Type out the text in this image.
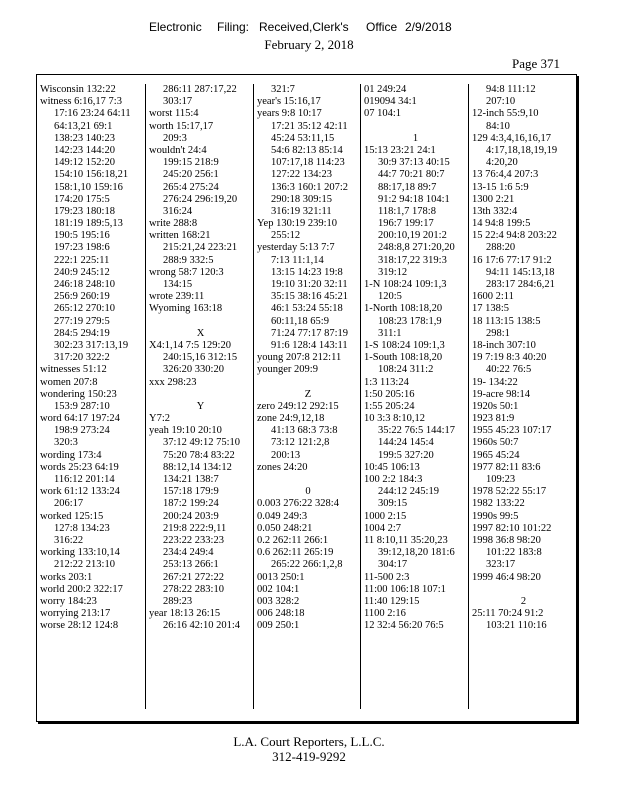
Electronic Filing: Received,Clerk's Office 2/9/2018
February 2, 2018
Page 371
Wisconsin 132:22
witness 6:16,17 7:3
17:16 23:24 64:11
64:13,21 69:1
138:23 140:23
142:23 144:20
149:12 152:20
154:10 156:18,21
158:1,10 159:16
174:20 175:5
179:23 180:18
181:19 189:5,13
190:5 195:16
197:23 198:6
222:1 225:11
240:9 245:12
246:18 248:10
256:9 260:19
265:12 270:10
277:19 279:5
284:5 294:19
302:23 317:13,19
317:20 322:2
witnesses 51:12
women 207:8
wondering 150:23
153:9 287:10
word 64:17 197:24
198:9 273:24
320:3
wording 173:4
words 25:23 64:19
116:12 201:14
work 61:12 133:24
206:17
worked 125:15
127:8 134:23
316:22
working 133:10,14
212:22 213:10
works 203:1
world 200:2 322:17
worry 184:23
worrying 213:17
worse 28:12 124:8
286:11 287:17,22
303:17
worst 115:4
worth 15:17,17
209:3
wouldn't 24:4
199:15 218:9
245:20 256:1
265:4 275:24
276:24 296:19,20
316:24
write 288:8
written 168:21
215:21,24 223:21
288:9 332:5
wrong 58:7 120:3
134:15
wrote 239:11
Wyoming 163:18
X
X4:1,14 7:5 129:20
240:15,16 312:15
326:20 330:20
xxx 298:23
Y
Y7:2
yeah 19:10 20:10
37:12 49:12 75:10
75:20 78:4 83:22
88:12,14 134:12
134:21 138:7
157:18 179:9
187:2 199:24
200:24 203:9
219:8 222:9,11
223:22 233:23
234:4 249:4
253:13 266:1
267:21 272:22
278:22 283:10
289:23
year 18:13 26:15
26:16 42:10 201:4
321:7
year's 15:16,17
years 9:8 10:17
17:21 35:12 42:11
45:24 53:11,15
54:6 82:13 85:14
107:17,18 114:23
127:22 134:23
136:3 160:1 207:2
290:18 309:15
316:19 321:11
Yep 130:19 239:10
255:12
yesterday 5:13 7:7
7:13 11:1,14
13:15 14:23 19:8
19:10 31:20 32:11
35:15 38:16 45:21
46:1 53:24 55:18
60:11,18 65:9
71:24 77:17 87:19
91:6 128:4 143:11
young 207:8 212:11
younger 209:9
Z
zero 249:12 292:15
zone 24:9,12,18
41:13 68:3 73:8
73:12 121:2,8
200:13
zones 24:20
0
0.003 276:22 328:4
0.049 249:3
0.050 248:21
0.2 262:11 266:1
0.6 262:11 265:19
265:22 266:1,2,8
0013 250:1
002 104:1
003 328:2
006 248:18
009 250:1
01 249:24
019094 34:1
07 104:1
1
15:13 23:21 24:1
30:9 37:13 40:15
44:7 70:21 80:7
88:17,18 89:7
91:2 94:18 104:1
118:1,7 178:8
196:7 199:17
200:10,19 201:2
248:8,8 271:20,20
318:17,22 319:3
319:12
1-N 108:24 109:1,3
120:5
1-North 108:18,20
108:23 178:1,9
311:1
1-S 108:24 109:1,3
1-South 108:18,20
108:24 311:2
1:3 113:24
1:50 205:16
1:55 205:24
10 3:3 8:10,12
35:22 76:5 144:17
144:24 145:4
199:5 327:20
10:45 106:13
100 2:2 184:3
244:12 245:19
309:15
1000 2:15
1004 2:7
11 8:10,11 35:20,23
39:12,18,20 181:6
304:17
11-500 2:3
11:00 106:18 107:1
11:40 129:15
1100 2:16
12 32:4 56:20 76:5
94:8 111:12
207:10
12-inch 55:9,10
84:10
129 4:3,4,16,16,17
4:17,18,18,19,19
4:20,20
13 76:4,4 207:3
13-15 1:6 5:9
1300 2:21
13th 332:4
14 94:8 199:5
15 22:4 94:8 203:22
288:20
16 17:6 77:17 91:2
94:11 145:13,18
283:17 284:6,21
1600 2:11
17 138:5
18 113:15 138:5
298:1
18-inch 307:10
19 7:19 8:3 40:20
40:22 76:5
19- 134:22
19-acre 98:14
1920s 50:1
1923 81:9
1955 45:23 107:17
1960s 50:7
1965 45:24
1977 82:11 83:6
109:23
1978 52:22 55:17
1982 133:22
1990s 99:5
1997 82:10 101:22
1998 36:8 98:20
101:22 183:8
323:17
1999 46:4 98:20
2
25:11 70:24 91:2
103:21 110:16
L.A. Court Reporters, L.L.C.
312-419-9292
